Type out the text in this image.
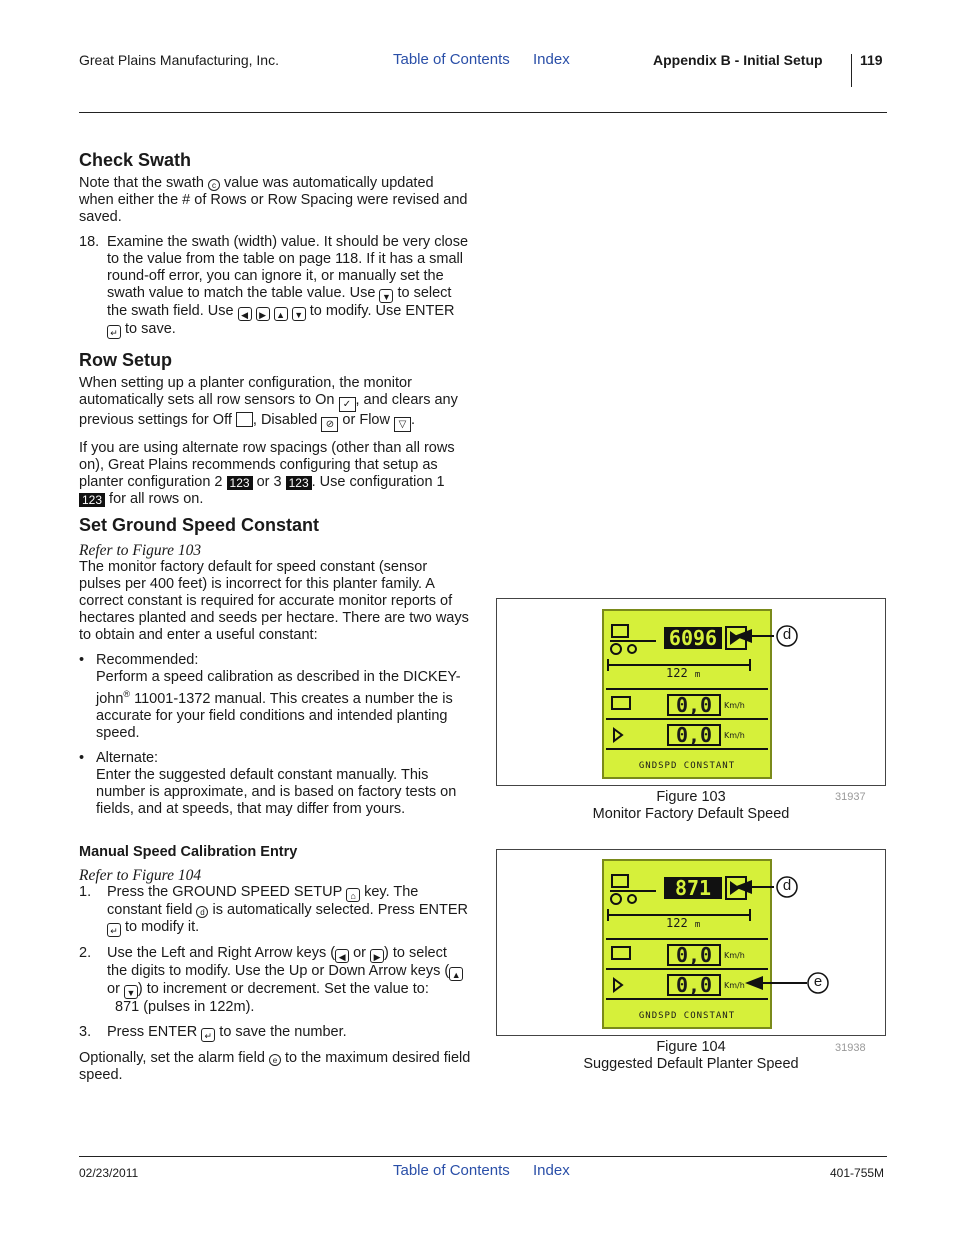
Great Plains Manufacturing, Inc.	Table of Contents Index	Appendix B - Initial Setup	119
Check Swath

Note that the swath c value was automatically updated when either the # of Rows or Row Spacing were revised and saved.

18. Examine the swath (width) value. It should be very close to the value from the table on page 118. If it has a small round-off error, you can ignore it, or manually set the swath value to match the table value. Use ▼ to select the swath field. Use ◀ ▶ ▲ ▼ to modify. Use ENTER ↵ to save.

Row Setup

When setting up a planter configuration, the monitor automatically sets all row sensors to On ✓ , and clears any previous settings for Off , Disabled ⊘ or Flow ▽ .

If you are using alternate row spacings (other than all rows on), Great Plains recommends configuring that setup as planter configuration 2 123 or 3 123 . Use configuration 1 123 for all rows on.

Set Ground Speed Constant

Refer to Figure 103

The monitor factory default for speed constant (sensor pulses per 400 feet) is incorrect for this planter family. A correct constant is required for accurate monitor reports of hectares planted and seeds per hectare. There are two ways to obtain and enter a useful constant:

• Recommended:
Perform a speed calibration as described in the DICKEY-john® 11001-1372 manual. This creates a number the is accurate for your field conditions and intended planting speed.
• Alternate:
Enter the suggested default constant manually. This number is approximate, and is based on factory tests on fields, and at speeds, that may differ from yours.
Manual Speed Calibration Entry

Refer to Figure 104

1. Press the GROUND SPEED SETUP ⌂ key. The constant field d is automatically selected. Press ENTER ↵ to modify it.

2. Use the Left and Right Arrow keys ( ◀ or ▶ ) to select the digits to modify. Use the Up or Down Arrow keys ( ▲ or ▼ ) to increment or decrement. Set the value to:
871 (pulses in 122m).

3. Press ENTER ↵ to save the number.

Optionally, set the alarm field e to the maximum desired field speed.

6096
122 m
0,0	Km/h
0,0	Km/h
GNDSPD CONSTANT
d
31937
Figure 103
Monitor Factory Default Speed
871
122 m
0,0	Km/h
0,0	Km/h
GNDSPD CONSTANT
d
e
31938
Figure 104
Suggested Default Planter Speed
02/23/2011	Table of Contents Index	401-755M
